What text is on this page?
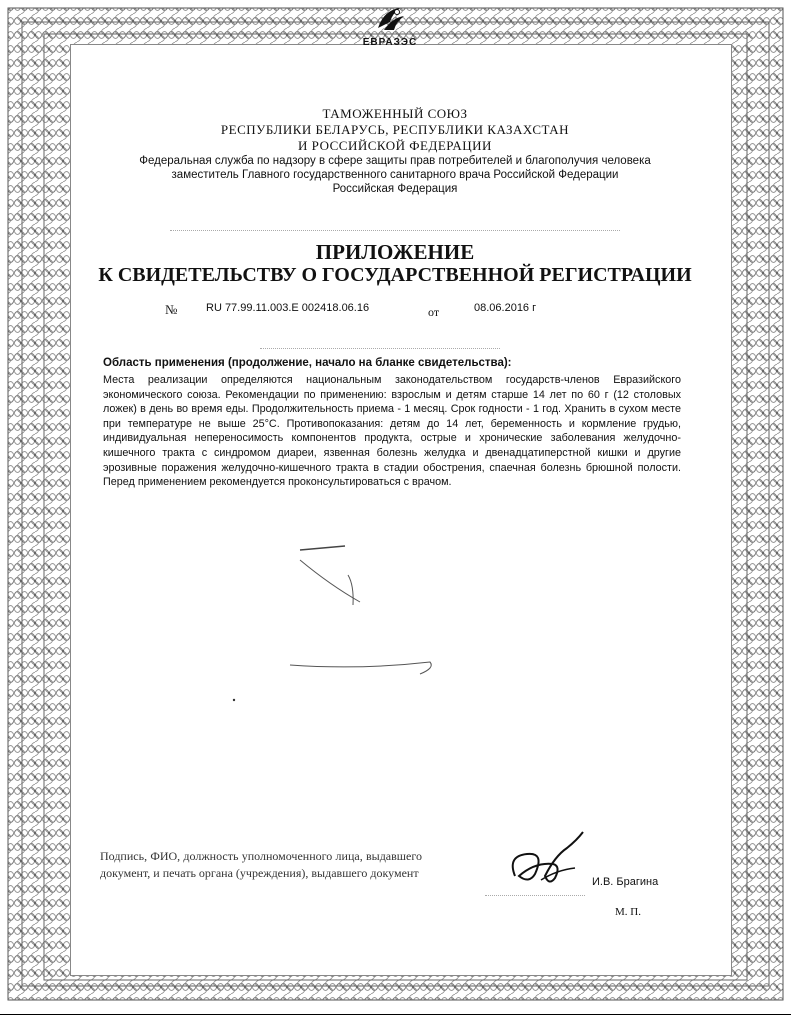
ЕВРАЗЭС
ТАМОЖЕННЫЙ СОЮЗ
РЕСПУБЛИКИ БЕЛАРУСЬ, РЕСПУБЛИКИ КАЗАХСТАН
И РОССИЙСКОЙ ФЕДЕРАЦИИ
Федеральная служба по надзору в сфере защиты прав потребителей и благополучия человека
заместитель Главного государственного санитарного врача Российской Федерации
Российская Федерация
ПРИЛОЖЕНИЕ
К СВИДЕТЕЛЬСТВУ О ГОСУДАРСТВЕННОЙ РЕГИСТРАЦИИ
№	RU 77.99.11.003.Е 002418.06.16	от	08.06.2016 г
Область применения (продолжение, начало на бланке свидетельства):
Места реализации определяются национальным законодательством государств-членов Евразийского экономического союза. Рекомендации по применению: взрослым и детям старше 14 лет по 60 г (12 столовых ложек) в день во время еды. Продолжительность приема - 1 месяц. Срок годности - 1 год. Хранить в сухом месте при температуре не выше 25°С. Противопоказания: детям до 14 лет, беременность и кормление грудью, индивидуальная непереносимость компонентов продукта, острые и хронические заболевания желудочно-кишечного тракта с синдромом диареи, язвенная болезнь желудка и двенадцатиперстной кишки и другие эрозивные поражения желудочно-кишечного тракта в стадии обострения, спаечная болезнь брюшной полости. Перед применением рекомендуется проконсультироваться с врачом.
Подпись, ФИО, должность уполномоченного лица, выдавшего документ, и печать органа (учреждения), выдавшего документ
И.В. Брагина
М. П.
